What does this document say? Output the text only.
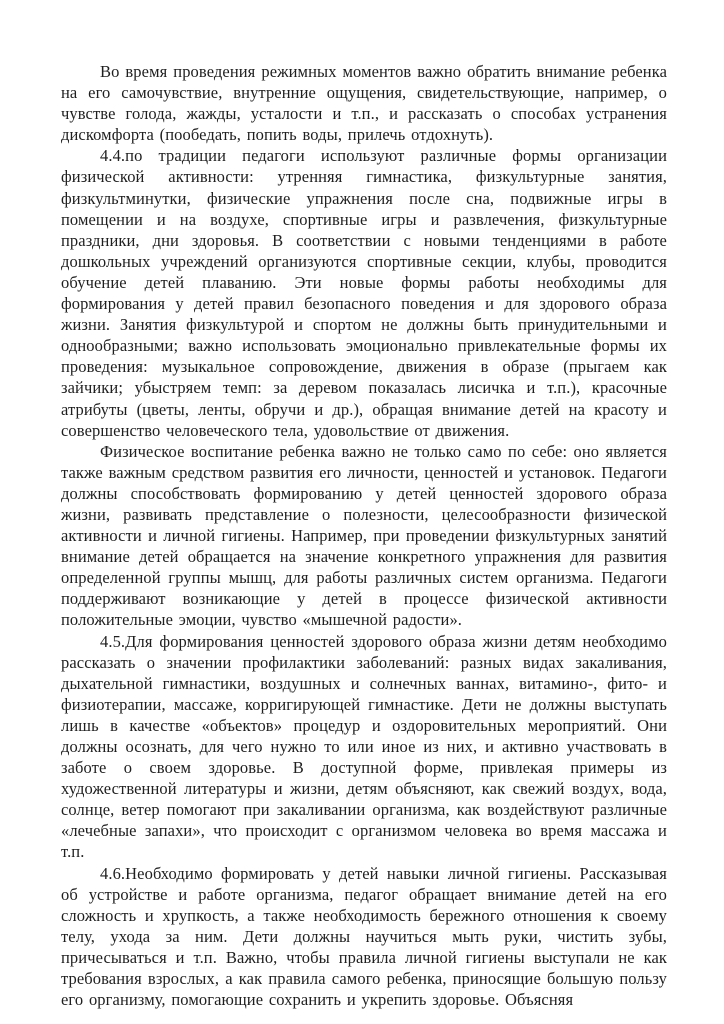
Во время проведения режимных моментов важно обратить внимание ребенка на его самочувствие, внутренние ощущения, свидетельствующие, например, о чувстве голода, жажды, усталости и т.п., и рассказать о способах устранения дискомфорта (пообедать, попить воды, прилечь отдохнуть).

4.4.по традиции педагоги используют различные формы организации физической активности: утренняя гимнастика, физкультурные занятия, физкультминутки, физические упражнения после сна, подвижные игры в помещении и на воздухе, спортивные игры и развлечения, физкультурные праздники, дни здоровья. В соответствии с новыми тенденциями в работе дошкольных учреждений организуются спортивные секции, клубы, проводится обучение детей плаванию. Эти новые формы работы необходимы для формирования у детей правил безопасного поведения и для здорового образа жизни. Занятия физкультурой и спортом не должны быть принудительными и однообразными; важно использовать эмоционально привлекательные формы их проведения: музыкальное сопровождение, движения в образе (прыгаем как зайчики; убыстряем темп: за деревом показалась лисичка и т.п.), красочные атрибуты (цветы, ленты, обручи и др.), обращая внимание детей на красоту и совершенство человеческого тела, удовольствие от движения.

Физическое воспитание ребенка важно не только само по себе: оно является также важным средством развития его личности, ценностей и установок. Педагоги должны способствовать формированию у детей ценностей здорового образа жизни, развивать представление о полезности, целесообразности физической активности и личной гигиены. Например, при проведении физкультурных занятий внимание детей обращается на значение конкретного упражнения для развития определенной группы мышц, для работы различных систем организма. Педагоги поддерживают возникающие у детей в процессе физической активности положительные эмоции, чувство «мышечной радости».

4.5.Для формирования ценностей здорового образа жизни детям необходимо рассказать о значении профилактики заболеваний: разных видах закаливания, дыхательной гимнастики, воздушных и солнечных ваннах, витамино-, фито- и физиотерапии, массаже, корригирующей гимнастике. Дети не должны выступать лишь в качестве «объектов» процедур и оздоровительных мероприятий. Они должны осознать, для чего нужно то или иное из них, и активно участвовать в заботе о своем здоровье. В доступной форме, привлекая примеры из художественной литературы и жизни, детям объясняют, как свежий воздух, вода, солнце, ветер помогают при закаливании организма, как воздействуют различные «лечебные запахи», что происходит с организмом человека во время массажа и т.п.

4.6.Необходимо формировать у детей навыки личной гигиены. Рассказывая об устройстве и работе организма, педагог обращает внимание детей на его сложность и хрупкость, а также необходимость бережного отношения к своему телу, ухода за ним. Дети должны научиться мыть руки, чистить зубы, причесываться и т.п. Важно, чтобы правила личной гигиены выступали не как требования взрослых, а как правила самого ребенка, приносящие большую пользу его организму, помогающие сохранить и укрепить здоровье. Объясняя
